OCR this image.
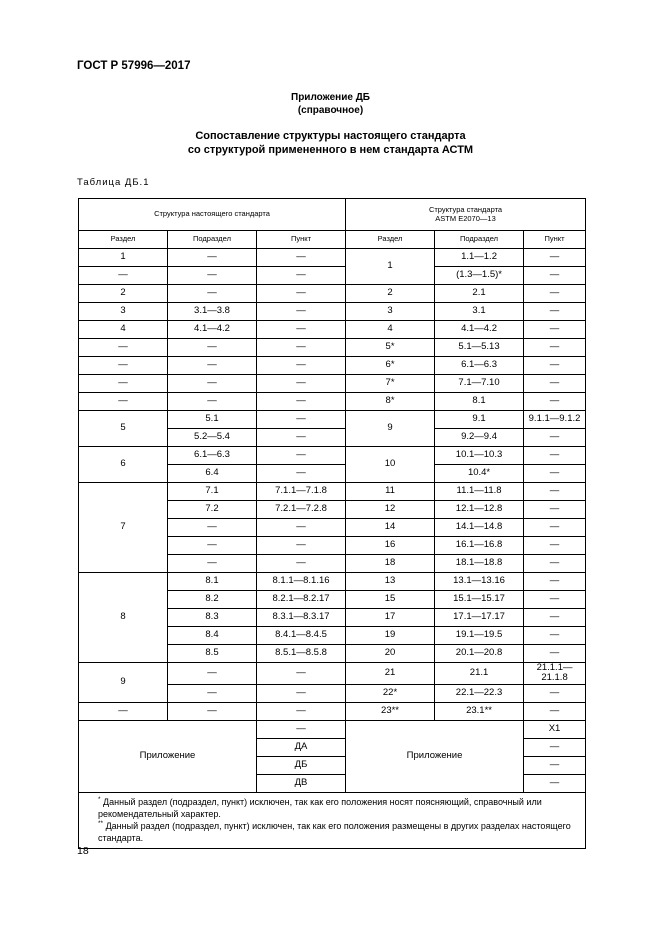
ГОСТ Р 57996—2017
Приложение ДБ
(справочное)
Сопоставление структуры настоящего стандарта
со структурой примененного в нем стандарта АСТМ
Таблица ДБ.1
Структура настоящего стандарта			Структура стандарта
ASTM E2070—13		
Раздел	Подраздел	Пункт	Раздел	Подраздел	Пункт
1	—	—	1	1.1—1.2	—
—	—	—		(1.3—1.5)*	—
2	—	—	2	2.1	—
3	3.1—3.8	—	3	3.1	—
4	4.1—4.2	—	4	4.1—4.2	—
—	—	—	5*	5.1—5.13	—
—	—	—	6*	6.1—6.3	—
—	—	—	7*	7.1—7.10	—
—	—	—	8*	8.1	—
5	5.1	—	9	9.1	9.1.1—9.1.2
	5.2—5.4	—		9.2—9.4	—
6	6.1—6.3	—	10	10.1—10.3	—
	6.4	—		10.4*	—
7	7.1	7.1.1—7.1.8	11	11.1—11.8	—
	7.2	7.2.1—7.2.8	12	12.1—12.8	—
	—	—	14	14.1—14.8	—
	—	—	16	16.1—16.8	—
	—	—	18	18.1—18.8	—
8	8.1	8.1.1—8.1.16	13	13.1—13.16	—
	8.2	8.2.1—8.2.17	15	15.1—15.17	—
	8.3	8.3.1—8.3.17	17	17.1—17.17	—
	8.4	8.4.1—8.4.5	19	19.1—19.5	—
	8.5	8.5.1—8.5.8	20	20.1—20.8	—
9	—	—	21	21.1	21.1.1—21.1.8
	—	—	22*	22.1—22.3	—
—	—	—	23**	23.1**	—
Приложение		—	Приложение		X1
		ДА			—
		ДБ			—
		ДВ			—

* Данный раздел (подраздел, пункт) исключен, так как его положения носят поясняющий, справочный или рекомендательный характер.
** Данный раздел (подраздел, пункт) исключен, так как его положения размещены в других разделах настоящего стандарта.					
18
